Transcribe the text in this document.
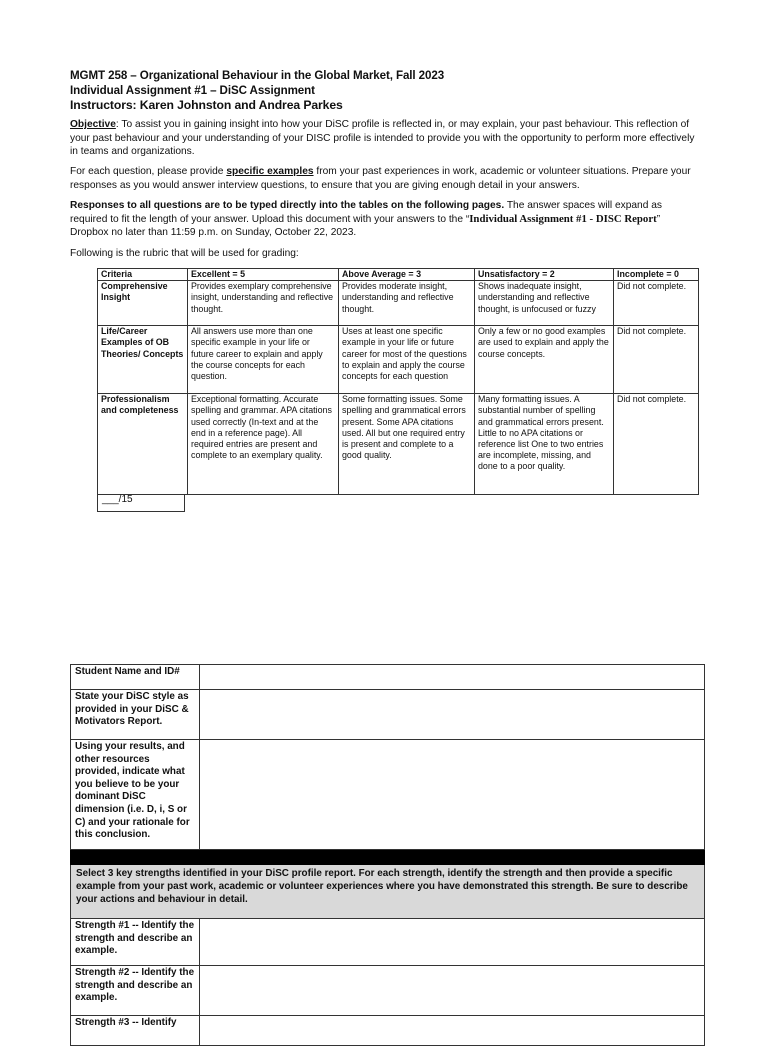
MGMT 258 – Organizational Behaviour in the Global Market, Fall 2023
Individual Assignment #1 – DiSC Assignment
Instructors: Karen Johnston and Andrea Parkes
Objective: To assist you in gaining insight into how your DiSC profile is reflected in, or may explain, your past behaviour. This reflection of your past behaviour and your understanding of your DISC profile is intended to provide you with the opportunity to perform more effectively in teams and organizations.
For each question, please provide specific examples from your past experiences in work, academic or volunteer situations. Prepare your responses as you would answer interview questions, to ensure that you are giving enough detail in your answers.
Responses to all questions are to be typed directly into the tables on the following pages. The answer spaces will expand as required to fit the length of your answer. Upload this document with your answers to the “Individual Assignment #1 - DISC Report” Dropbox no later than 11:59 p.m. on Sunday, October 22, 2023.
Following is the rubric that will be used for grading:
Criteria	Excellent = 5	Above Average = 3	Unsatisfactory = 2	Incomplete = 0
Comprehensive Insight	Provides exemplary comprehensive insight, understanding and reflective thought.	Provides moderate insight, understanding and reflective thought.	Shows inadequate insight, understanding and reflective thought, is unfocused or fuzzy	Did not complete.
Life/Career Examples of OB Theories/ Concepts	All answers use more than one specific example in your life or future career to explain and apply the course concepts for each question.	Uses at least one specific example in your life or future career for most of the questions to explain and apply the course concepts for each question	Only a few or no good examples are used to explain and apply the course concepts.	Did not complete.
Professionalism and completeness	Exceptional formatting. Accurate spelling and grammar. APA citations used correctly (In-text and at the end in a reference page). All required entries are present and complete to an exemplary quality.	Some formatting issues. Some spelling and grammatical errors present. Some APA citations used. All but one required entry is present and complete to a good quality.	Many formatting issues. A substantial number of spelling and grammatical errors present. Little to no APA citations or reference list One to two entries are incomplete, missing, and done to a poor quality.	Did not complete.
___/15
Student Name and ID#	
State your DiSC style as provided in your DiSC & Motivators Report.	
Using your results, and other resources provided, indicate what you believe to be your dominant DiSC dimension (i.e. D, i, S or C) and your rationale for this conclusion.	

Select 3 key strengths identified in your DiSC profile report. For each strength, identify the strength and then provide a specific example from your past work, academic or volunteer experiences where you have demonstrated this strength. Be sure to describe your actions and behaviour in detail.	
Strength #1 -- Identify the strength and describe an example.	
Strength #2 -- Identify the strength and describe an example.	
Strength #3 -- Identify	
